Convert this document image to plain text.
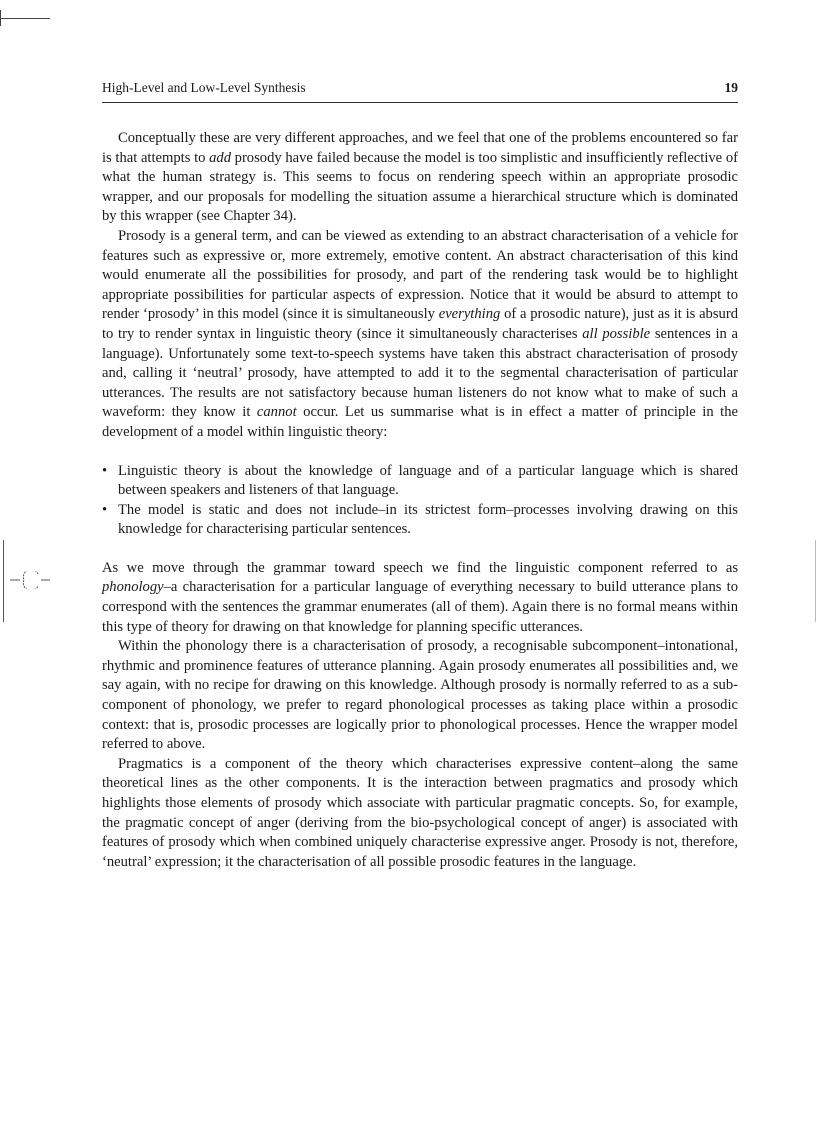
High-Level and Low-Level Synthesis	19

Conceptually these are very different approaches, and we feel that one of the problems encountered so far is that attempts to add prosody have failed because the model is too simplistic and insufficiently reflective of what the human strategy is. This seems to focus on rendering speech within an appropriate prosodic wrapper, and our proposals for modelling the situation assume a hierarchical structure which is dominated by this wrapper (see Chapter 34).

Prosody is a general term, and can be viewed as extending to an abstract characterisation of a vehicle for features such as expressive or, more extremely, emotive content. An abstract characterisation of this kind would enumerate all the possibilities for prosody, and part of the rendering task would be to highlight appropriate possibilities for particular aspects of expression. Notice that it would be absurd to attempt to render ‘prosody’ in this model (since it is simultaneously everything of a prosodic nature), just as it is absurd to try to render syntax in linguistic theory (since it simultaneously characterises all possible sentences in a language). Unfortunately some text-to-speech systems have taken this abstract characterisation of prosody and, calling it ‘neutral’ prosody, have attempted to add it to the segmental characterisation of particular utterances. The results are not satisfactory because human listeners do not know what to make of such a waveform: they know it cannot occur. Let us summarise what is in effect a matter of principle in the development of a model within linguistic theory:

• Linguistic theory is about the knowledge of language and of a particular language which is shared between speakers and listeners of that language.
• The model is static and does not include–in its strictest form–processes involving drawing on this knowledge for characterising particular sentences.

As we move through the grammar toward speech we find the linguistic component referred to as phonology–a characterisation for a particular language of everything necessary to build utterance plans to correspond with the sentences the grammar enumerates (all of them). Again there is no formal means within this type of theory for drawing on that knowledge for planning specific utterances.

Within the phonology there is a characterisation of prosody, a recognisable subcomponent–intonational, rhythmic and prominence features of utterance planning. Again prosody enumerates all possibilities and, we say again, with no recipe for drawing on this knowledge. Although prosody is normally referred to as a sub-component of phonology, we prefer to regard phonological processes as taking place within a prosodic context: that is, prosodic processes are logically prior to phonological processes. Hence the wrapper model referred to above.

Pragmatics is a component of the theory which characterises expressive content–along the same theoretical lines as the other components. It is the interaction between pragmatics and prosody which highlights those elements of prosody which associate with particular pragmatic concepts. So, for example, the pragmatic concept of anger (deriving from the bio-psychological concept of anger) is associated with features of prosody which when combined uniquely characterise expressive anger. Prosody is not, therefore, ‘neutral’ expression; it the characterisation of all possible prosodic features in the language.
